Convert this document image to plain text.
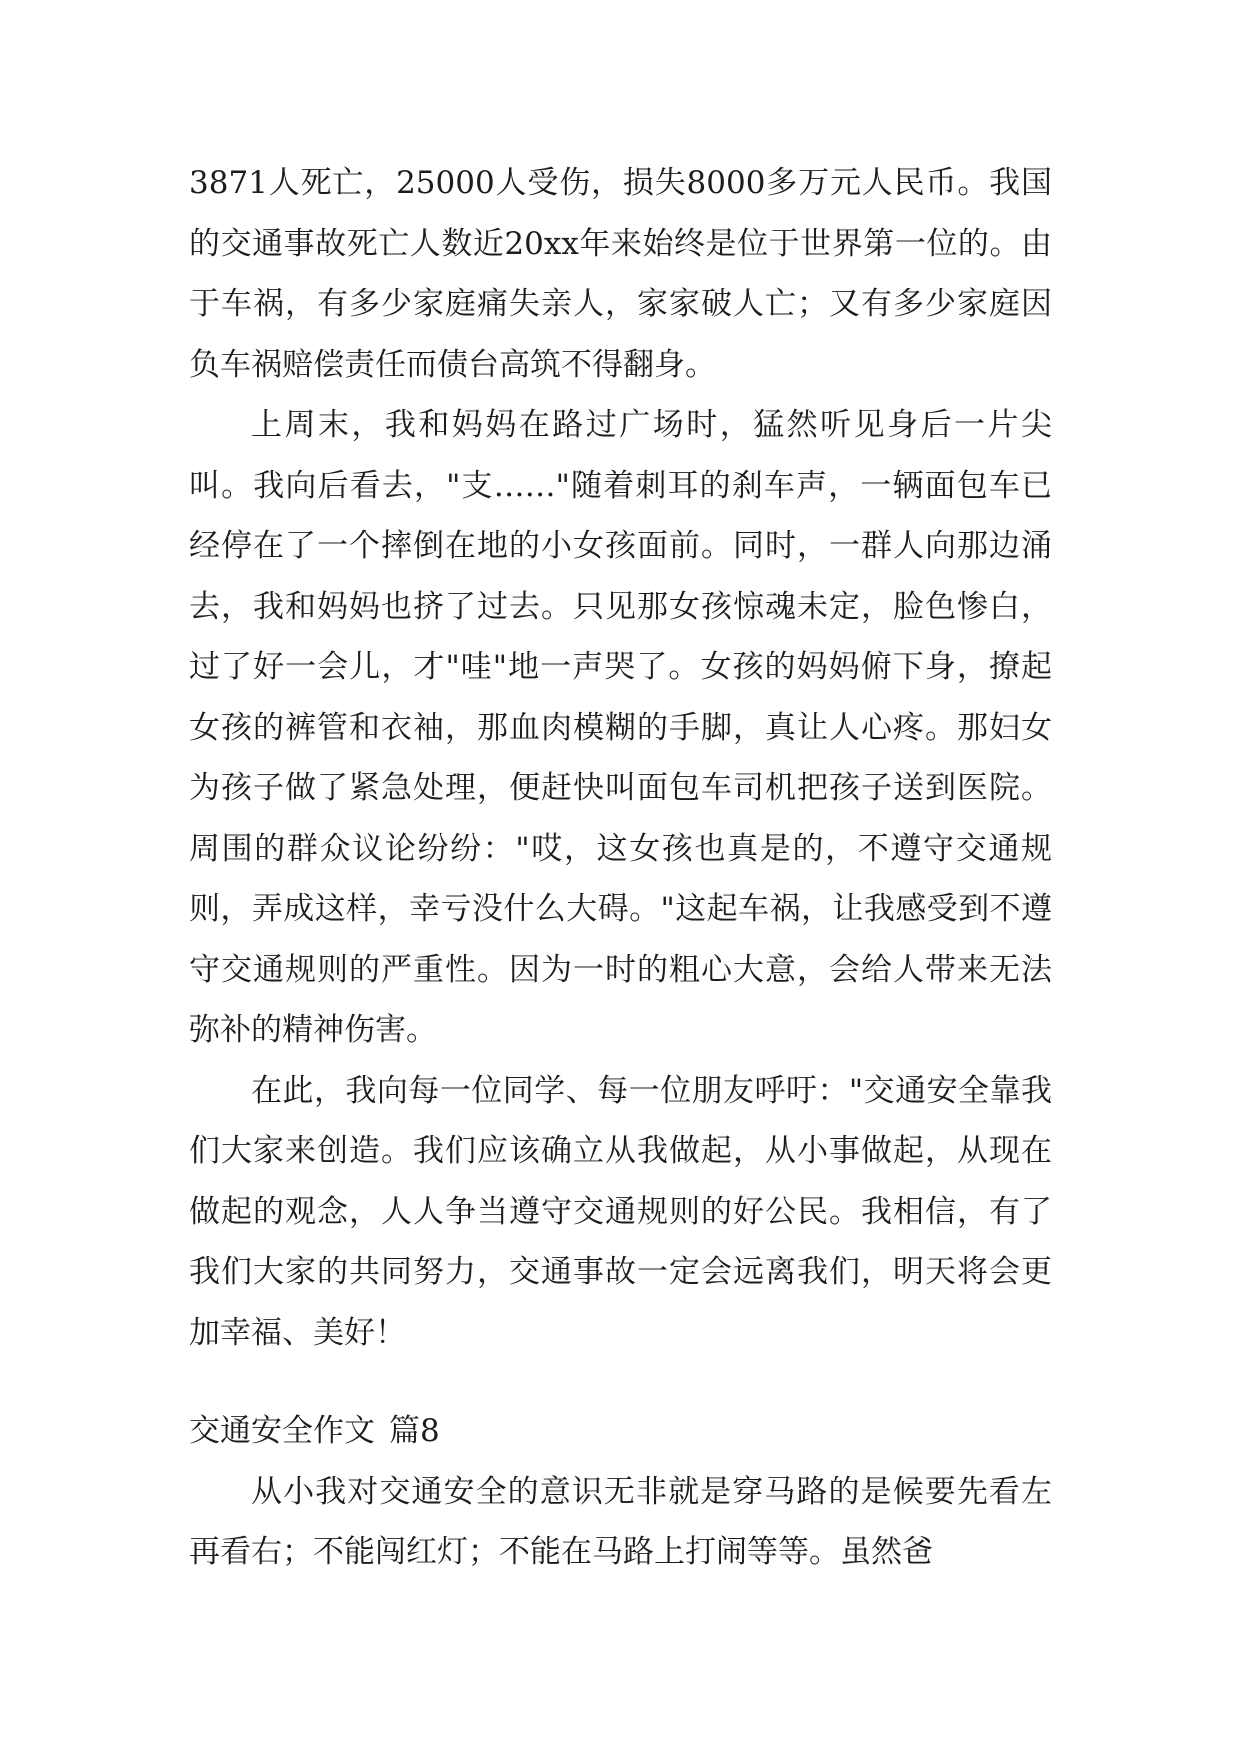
3871人死亡，25000人受伤，损失8000多万元人民币。我国的交通事故死亡人数近20xx年来始终是位于世界第一位的。由于车祸，有多少家庭痛失亲人，家家破人亡；又有多少家庭因负车祸赔偿责任而债台高筑不得翻身。

上周末，我和妈妈在路过广场时，猛然听见身后一片尖叫。我向后看去，"支……"随着刺耳的刹车声，一辆面包车已经停在了一个摔倒在地的小女孩面前。同时，一群人向那边涌去，我和妈妈也挤了过去。只见那女孩惊魂未定，脸色惨白，过了好一会儿，才"哇"地一声哭了。女孩的妈妈俯下身，撩起女孩的裤管和衣袖，那血肉模糊的手脚，真让人心疼。那妇女为孩子做了紧急处理，便赶快叫面包车司机把孩子送到医院。周围的群众议论纷纷："哎，这女孩也真是的，不遵守交通规则，弄成这样，幸亏没什么大碍。"这起车祸，让我感受到不遵守交通规则的严重性。因为一时的粗心大意，会给人带来无法弥补的精神伤害。

在此，我向每一位同学、每一位朋友呼吁："交通安全靠我们大家来创造。我们应该确立从我做起，从小事做起，从现在做起的观念，人人争当遵守交通规则的好公民。我相信，有了我们大家的共同努力，交通事故一定会远离我们，明天将会更加幸福、美好！

交通安全作文 篇8

从小我对交通安全的意识无非就是穿马路的是候要先看左再看右；不能闯红灯；不能在马路上打闹等等。虽然爸
